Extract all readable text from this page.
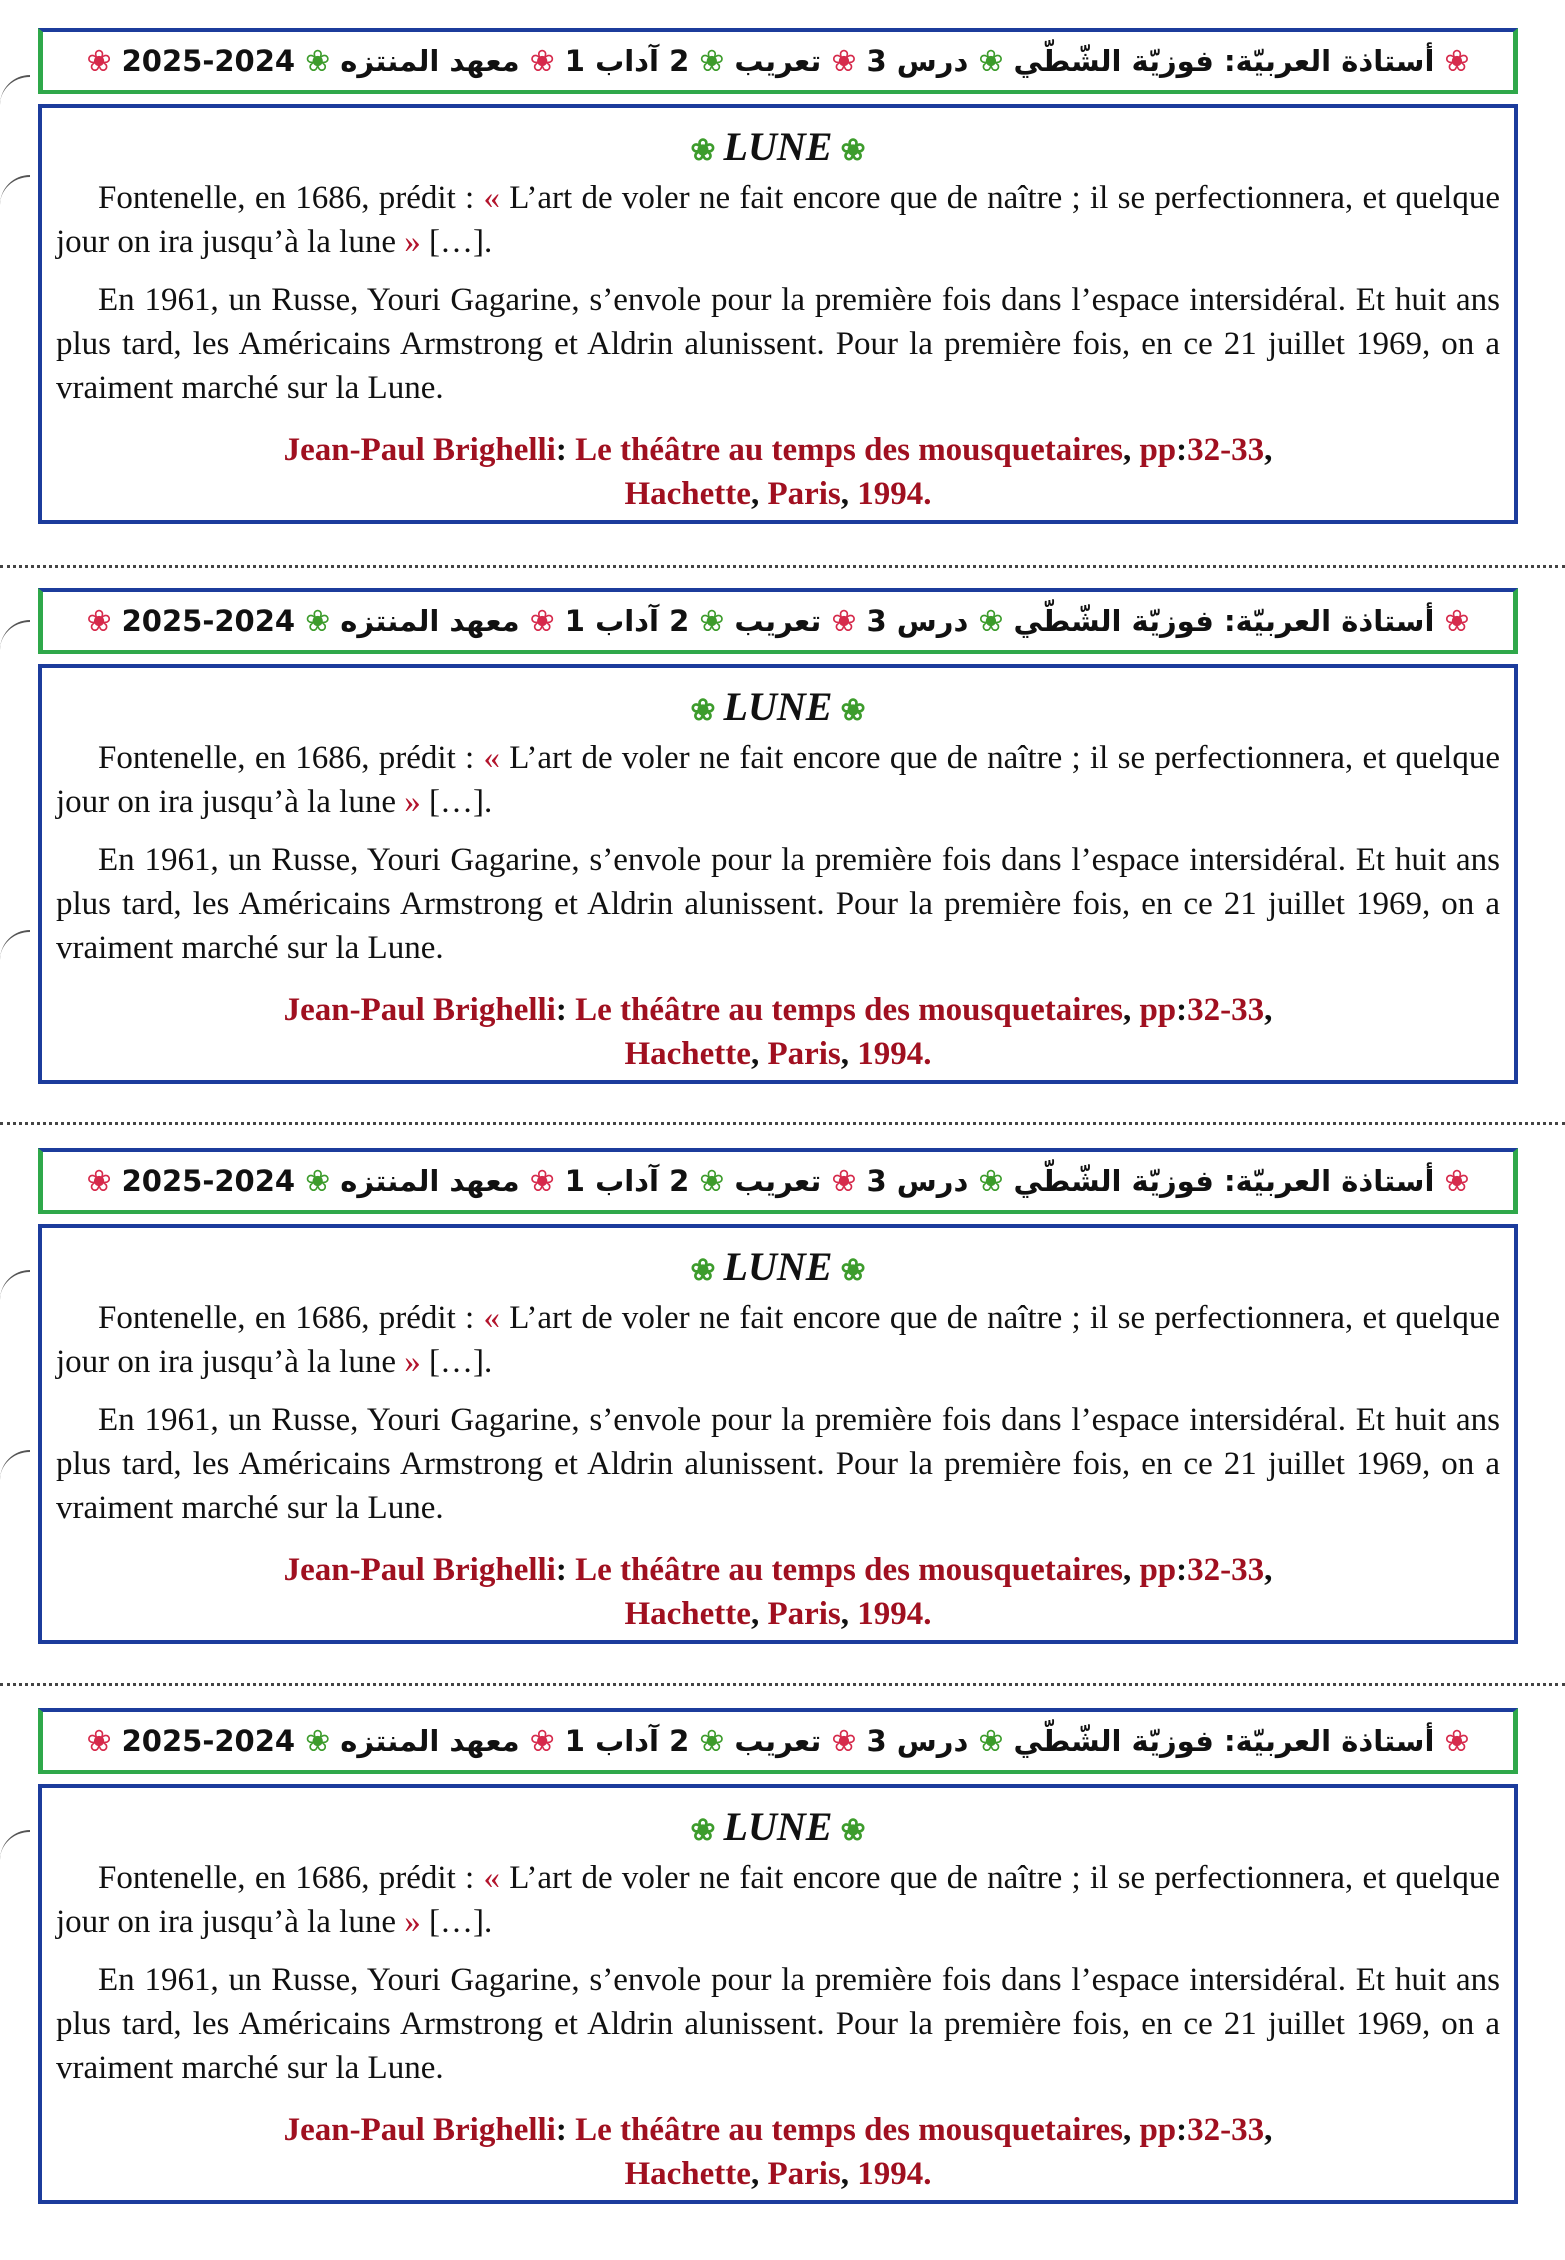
❀
أستاذة العربيّة: فوزيّة الشّطّي
❀
درس 3
❀
تعريب
❀
2 آداب 1
❀
معهد المنتزه
❀
2025-2024
❀
❀ LUNE ❀

Fontenelle, en 1686, prédit : « L’art de voler ne fait encore que de naître ; il se perfectionnera, et quelque jour on ira jusqu’à la lune » […].

En 1961, un Russe, Youri Gagarine, s’envole pour la première fois dans l’espace intersidéral. Et huit ans plus tard, les Américains Armstrong et Aldrin alunissent. Pour la première fois, en ce 21 juillet 1969, on a vraiment marché sur la Lune.

Jean-Paul Brighelli: Le théâtre au temps des mousquetaires, pp:32-33,
Hachette, Paris, 1994.
❀
أستاذة العربيّة: فوزيّة الشّطّي
❀
درس 3
❀
تعريب
❀
2 آداب 1
❀
معهد المنتزه
❀
2025-2024
❀
❀ LUNE ❀

Fontenelle, en 1686, prédit : « L’art de voler ne fait encore que de naître ; il se perfectionnera, et quelque jour on ira jusqu’à la lune » […].

En 1961, un Russe, Youri Gagarine, s’envole pour la première fois dans l’espace intersidéral. Et huit ans plus tard, les Américains Armstrong et Aldrin alunissent. Pour la première fois, en ce 21 juillet 1969, on a vraiment marché sur la Lune.

Jean-Paul Brighelli: Le théâtre au temps des mousquetaires, pp:32-33,
Hachette, Paris, 1994.
❀
أستاذة العربيّة: فوزيّة الشّطّي
❀
درس 3
❀
تعريب
❀
2 آداب 1
❀
معهد المنتزه
❀
2025-2024
❀
❀ LUNE ❀

Fontenelle, en 1686, prédit : « L’art de voler ne fait encore que de naître ; il se perfectionnera, et quelque jour on ira jusqu’à la lune » […].

En 1961, un Russe, Youri Gagarine, s’envole pour la première fois dans l’espace intersidéral. Et huit ans plus tard, les Américains Armstrong et Aldrin alunissent. Pour la première fois, en ce 21 juillet 1969, on a vraiment marché sur la Lune.

Jean-Paul Brighelli: Le théâtre au temps des mousquetaires, pp:32-33,
Hachette, Paris, 1994.
❀
أستاذة العربيّة: فوزيّة الشّطّي
❀
درس 3
❀
تعريب
❀
2 آداب 1
❀
معهد المنتزه
❀
2025-2024
❀
❀ LUNE ❀

Fontenelle, en 1686, prédit : « L’art de voler ne fait encore que de naître ; il se perfectionnera, et quelque jour on ira jusqu’à la lune » […].

En 1961, un Russe, Youri Gagarine, s’envole pour la première fois dans l’espace intersidéral. Et huit ans plus tard, les Américains Armstrong et Aldrin alunissent. Pour la première fois, en ce 21 juillet 1969, on a vraiment marché sur la Lune.

Jean-Paul Brighelli: Le théâtre au temps des mousquetaires, pp:32-33,
Hachette, Paris, 1994.
